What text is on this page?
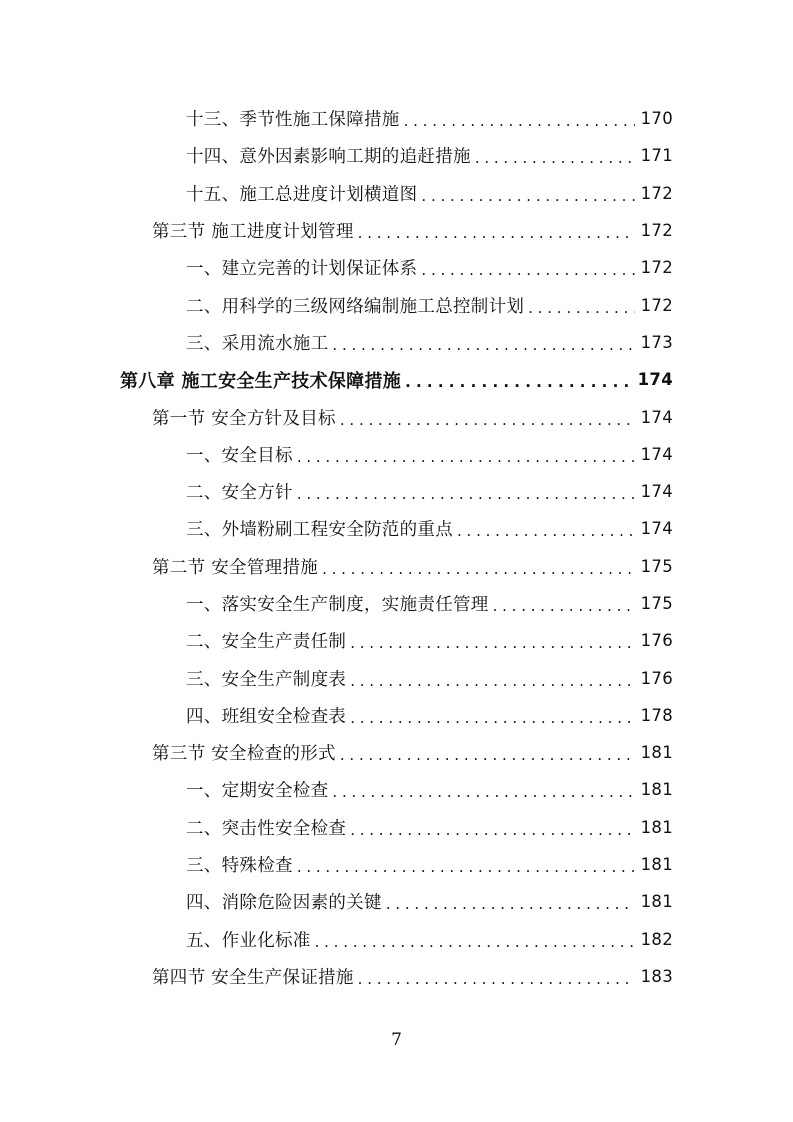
十三、季节性施工保障措施 . . .	170
十四、意外因素影响工期的追赶措施 . . .	171
十五、施工总进度计划横道图 . . .	172
第三节 施工进度计划管理 . . .	172
一、建立完善的计划保证体系 . . .	172
二、用科学的三级网络编制施工总控制计划 . . .	172
三、采用流水施工 . . .	173
第八章 施工安全生产技术保障措施 . . .	174
第一节 安全方针及目标 . . .	174
一、安全目标 . . .	174
二、安全方针 . . .	174
三、外墙粉刷工程安全防范的重点 . . .	174
第二节 安全管理措施 . . .	175
一、落实安全生产制度，实施责任管理 . . .	175
二、安全生产责任制 . . .	176
三、安全生产制度表 . . .	176
四、班组安全检查表 . . .	178
第三节 安全检查的形式 . . .	181
一、定期安全检查 . . .	181
二、突击性安全检查 . . .	181
三、特殊检查 . . .	181
四、消除危险因素的关键 . . .	181
五、作业化标准 . . .	182
第四节 安全生产保证措施 . . .	183
7
